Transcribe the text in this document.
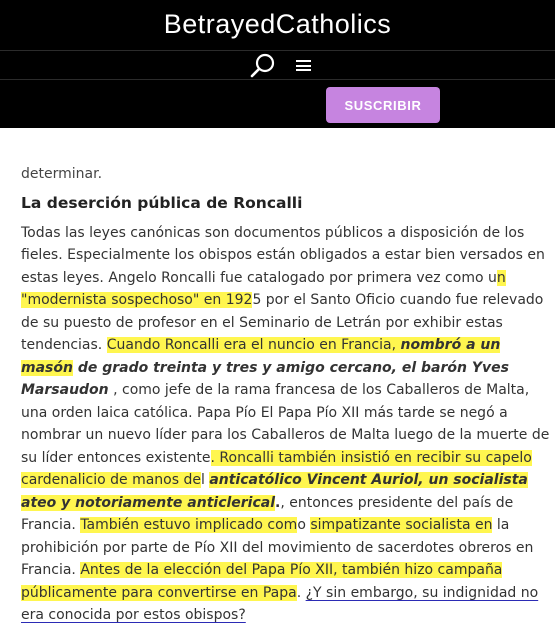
BetrayedCatholics
SUSCRIBIR

determinar.

La deserción pública de Roncalli

Todas las leyes canónicas son documentos públicos a disposición de los fieles. Especialmente los obispos están obligados a estar bien versados en estas leyes. Angelo Roncalli fue catalogado por primera vez como un "modernista sospechoso" en 1925 por el Santo Oficio cuando fue relevado de su puesto de profesor en el Seminario de Letrán por exhibir estas tendencias. Cuando Roncalli era el nuncio en Francia, nombró a un masón de grado treinta y tres y amigo cercano, el barón Yves Marsaudon , como jefe de la rama francesa de los Caballeros de Malta, una orden laica católica. Papa Pío El Papa Pío XII más tarde se negó a nombrar un nuevo líder para los Caballeros de Malta luego de la muerte de su líder entonces existente. Roncalli también insistió en recibir su capelo cardenalicio de manos del anticatólico Vincent Auriol, un socialista ateo y notoriamente anticlerical., entonces presidente del país de Francia. También estuvo implicado como simpatizante socialista en la prohibición por parte de Pío XII del movimiento de sacerdotes obreros en Francia. Antes de la elección del Papa Pío XII, también hizo campaña públicamente para convertirse en Papa. ¿Y sin embargo, su indignidad no era conocida por estos obispos?
